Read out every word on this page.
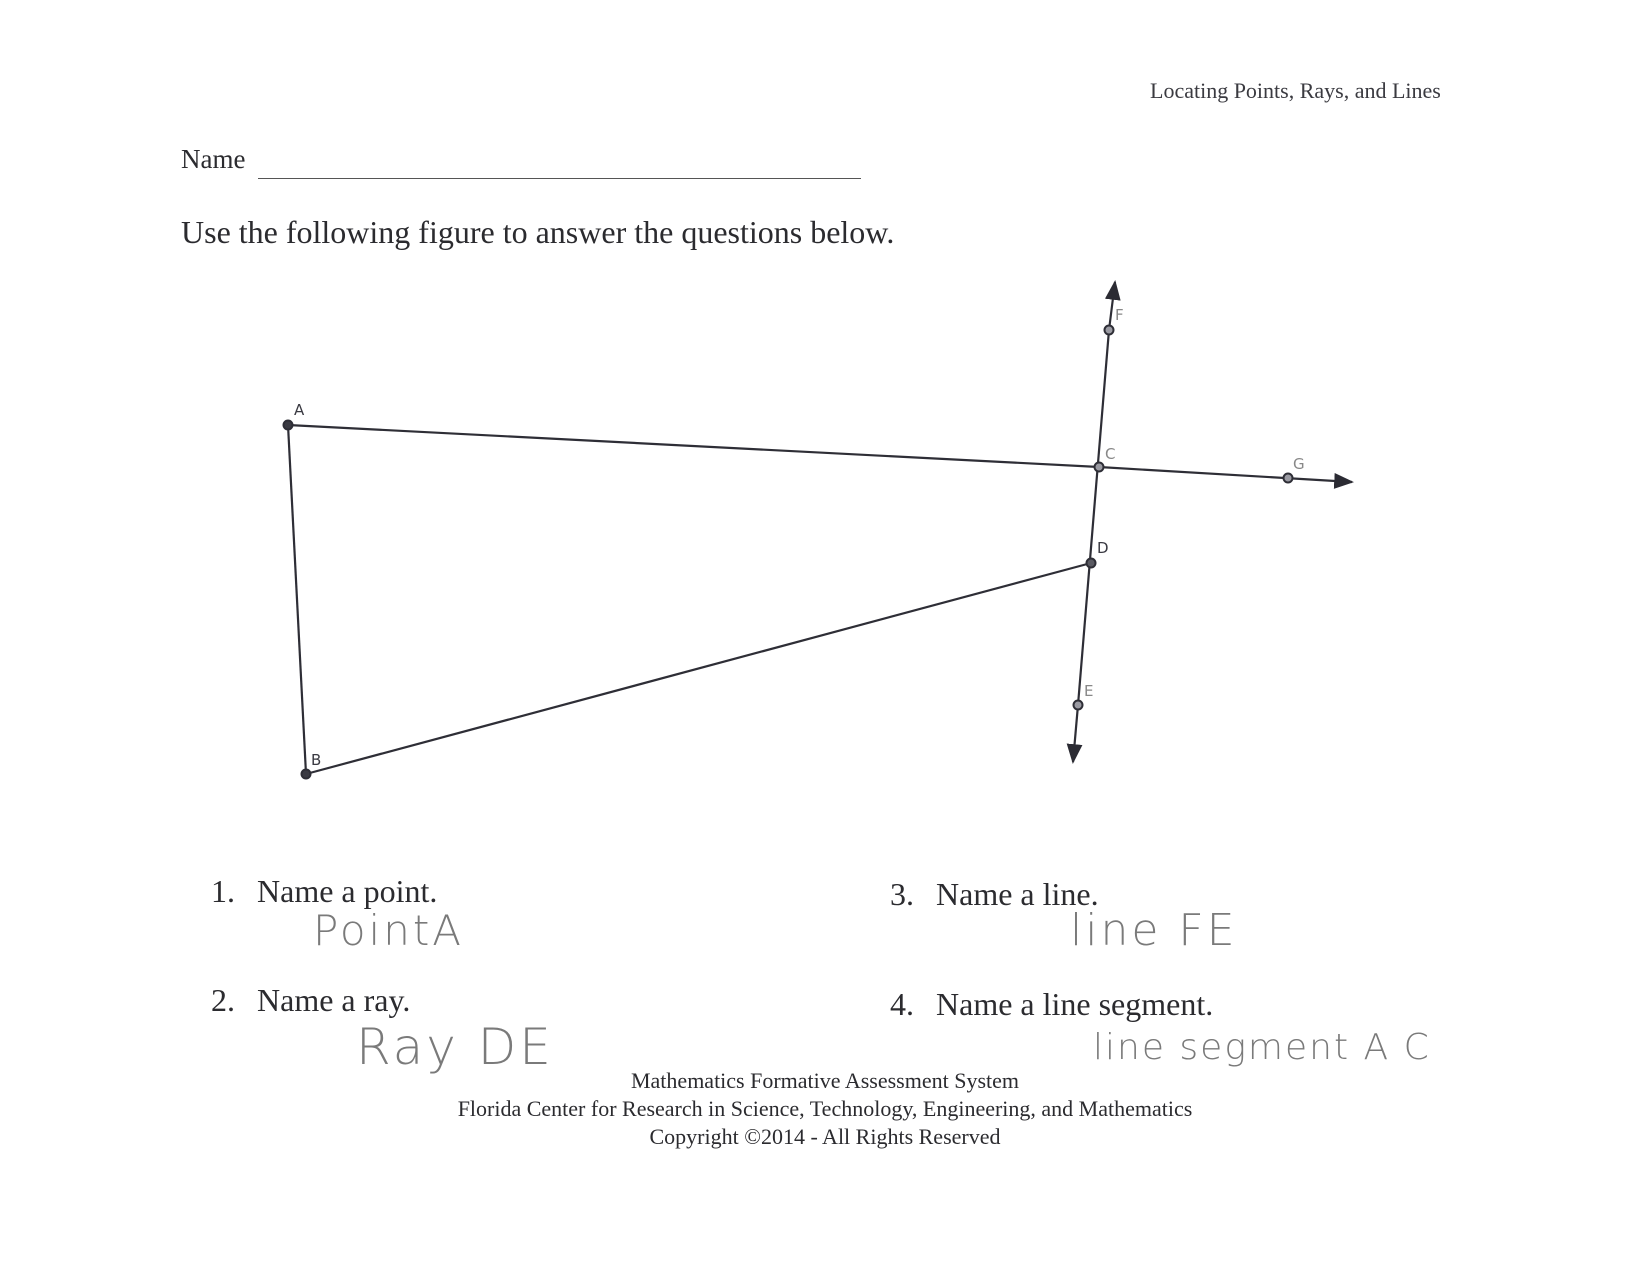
Locating Points, Rays, and Lines
Name
Use the following figure to answer the questions below.
A
B
C
D
E
F
G
1. Name a point.
PointA
2. Name a ray.
Ray DE
3. Name a line.
line FE
4. Name a line segment.
line segment A C
Mathematics Formative Assessment System
Florida Center for Research in Science, Technology, Engineering, and Mathematics
Copyright ©2014 - All Rights Reserved
